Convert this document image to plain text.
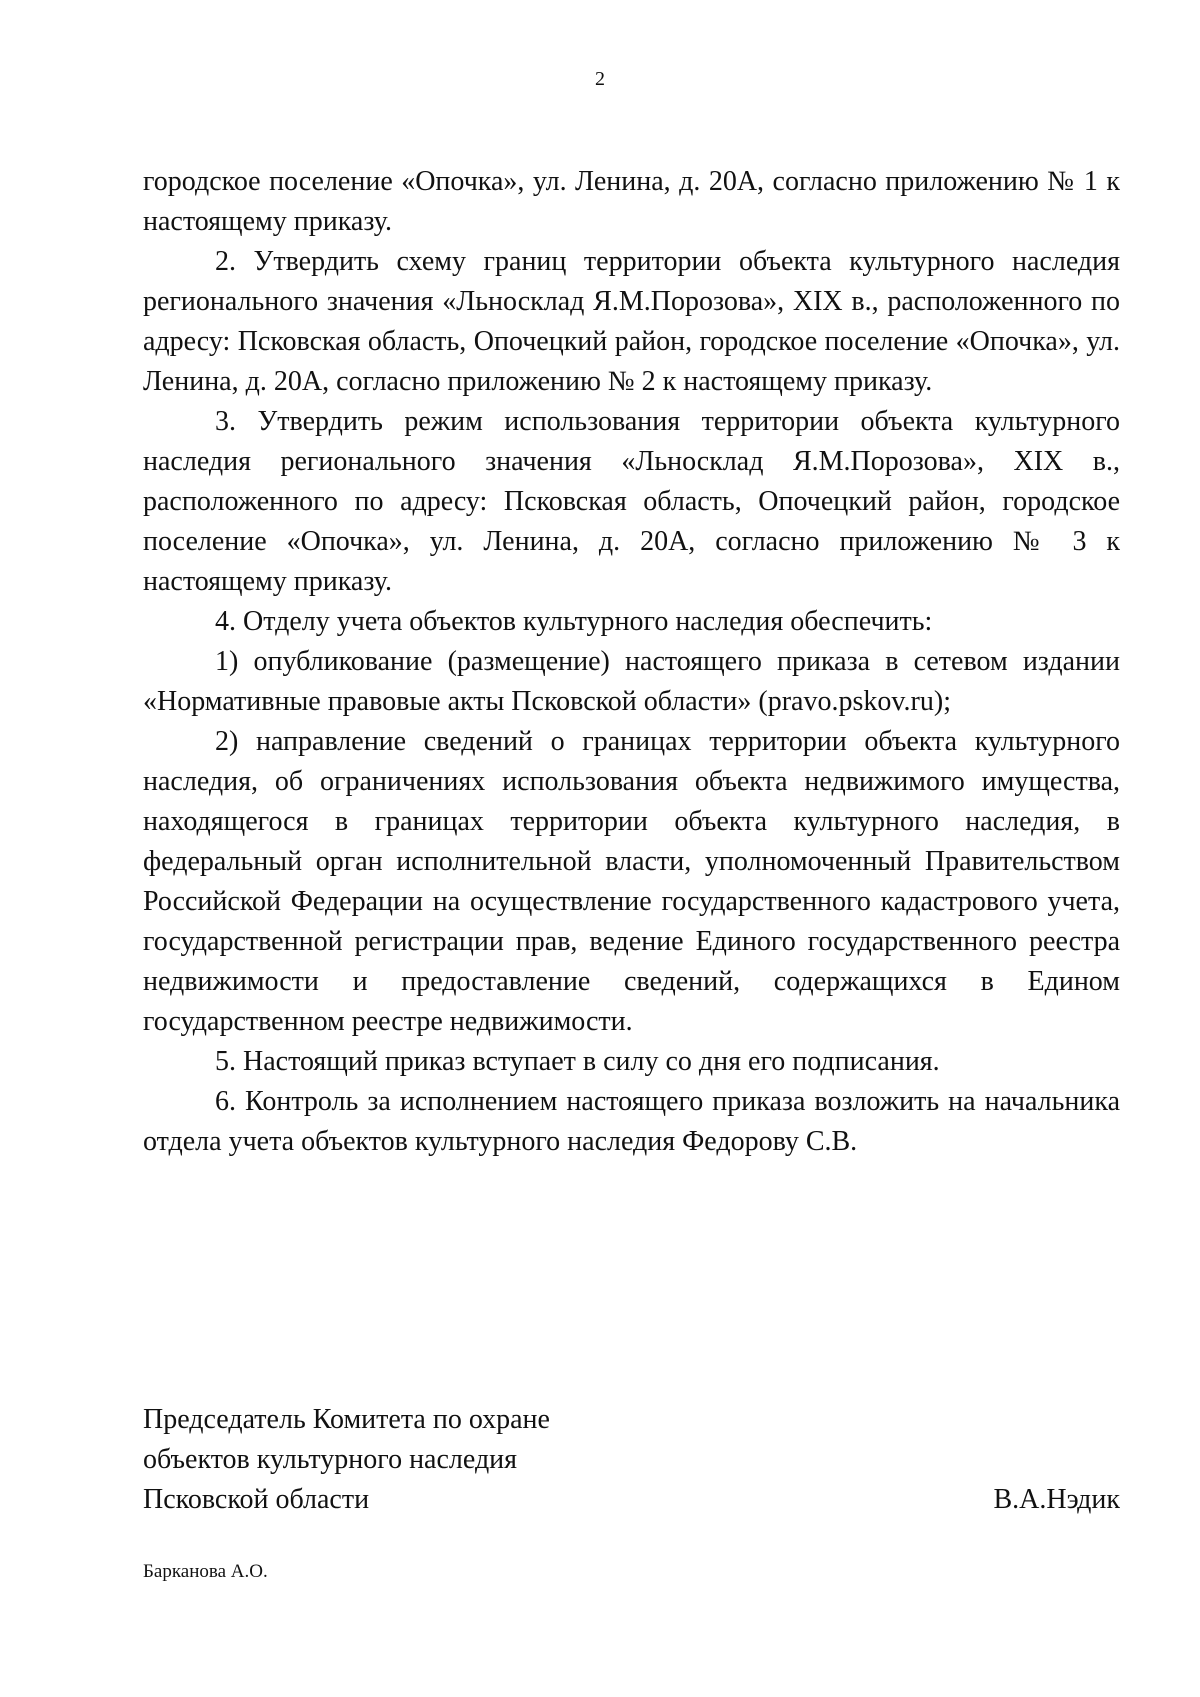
2

городское поселение «Опочка», ул. Ленина, д. 20А, согласно приложению № 1 к настоящему приказу.

2. Утвердить схему границ территории объекта культурного наследия регионального значения «Льносклад Я.М.Порозова», XIX в., расположенного по адресу: Псковская область, Опочецкий район, городское поселение «Опочка», ул. Ленина, д. 20А, согласно приложению № 2 к настоящему приказу.

3. Утвердить режим использования территории объекта культурного наследия регионального значения «Льносклад Я.М.Порозова», XIX в., расположенного по адресу: Псковская область, Опочецкий район, городское поселение «Опочка», ул. Ленина, д. 20А, согласно приложению № 3 к настоящему приказу.

4. Отделу учета объектов культурного наследия обеспечить:

1) опубликование (размещение) настоящего приказа в сетевом издании «Нормативные правовые акты Псковской области» (pravo.pskov.ru);

2) направление сведений о границах территории объекта культурного наследия, об ограничениях использования объекта недвижимого имущества, находящегося в границах территории объекта культурного наследия, в федеральный орган исполнительной власти, уполномоченный Правительством Российской Федерации на осуществление государственного кадастрового учета, государственной регистрации прав, ведение Единого государственного реестра недвижимости и предоставление сведений, содержащихся в Едином государственном реестре недвижимости.

5. Настоящий приказ вступает в силу со дня его подписания.

6. Контроль за исполнением настоящего приказа возложить на начальника отдела учета объектов культурного наследия Федорову С.В.

Председатель Комитета по охране
объектов культурного наследия
Псковской области	В.А.Нэдик
Барканова А.О.
